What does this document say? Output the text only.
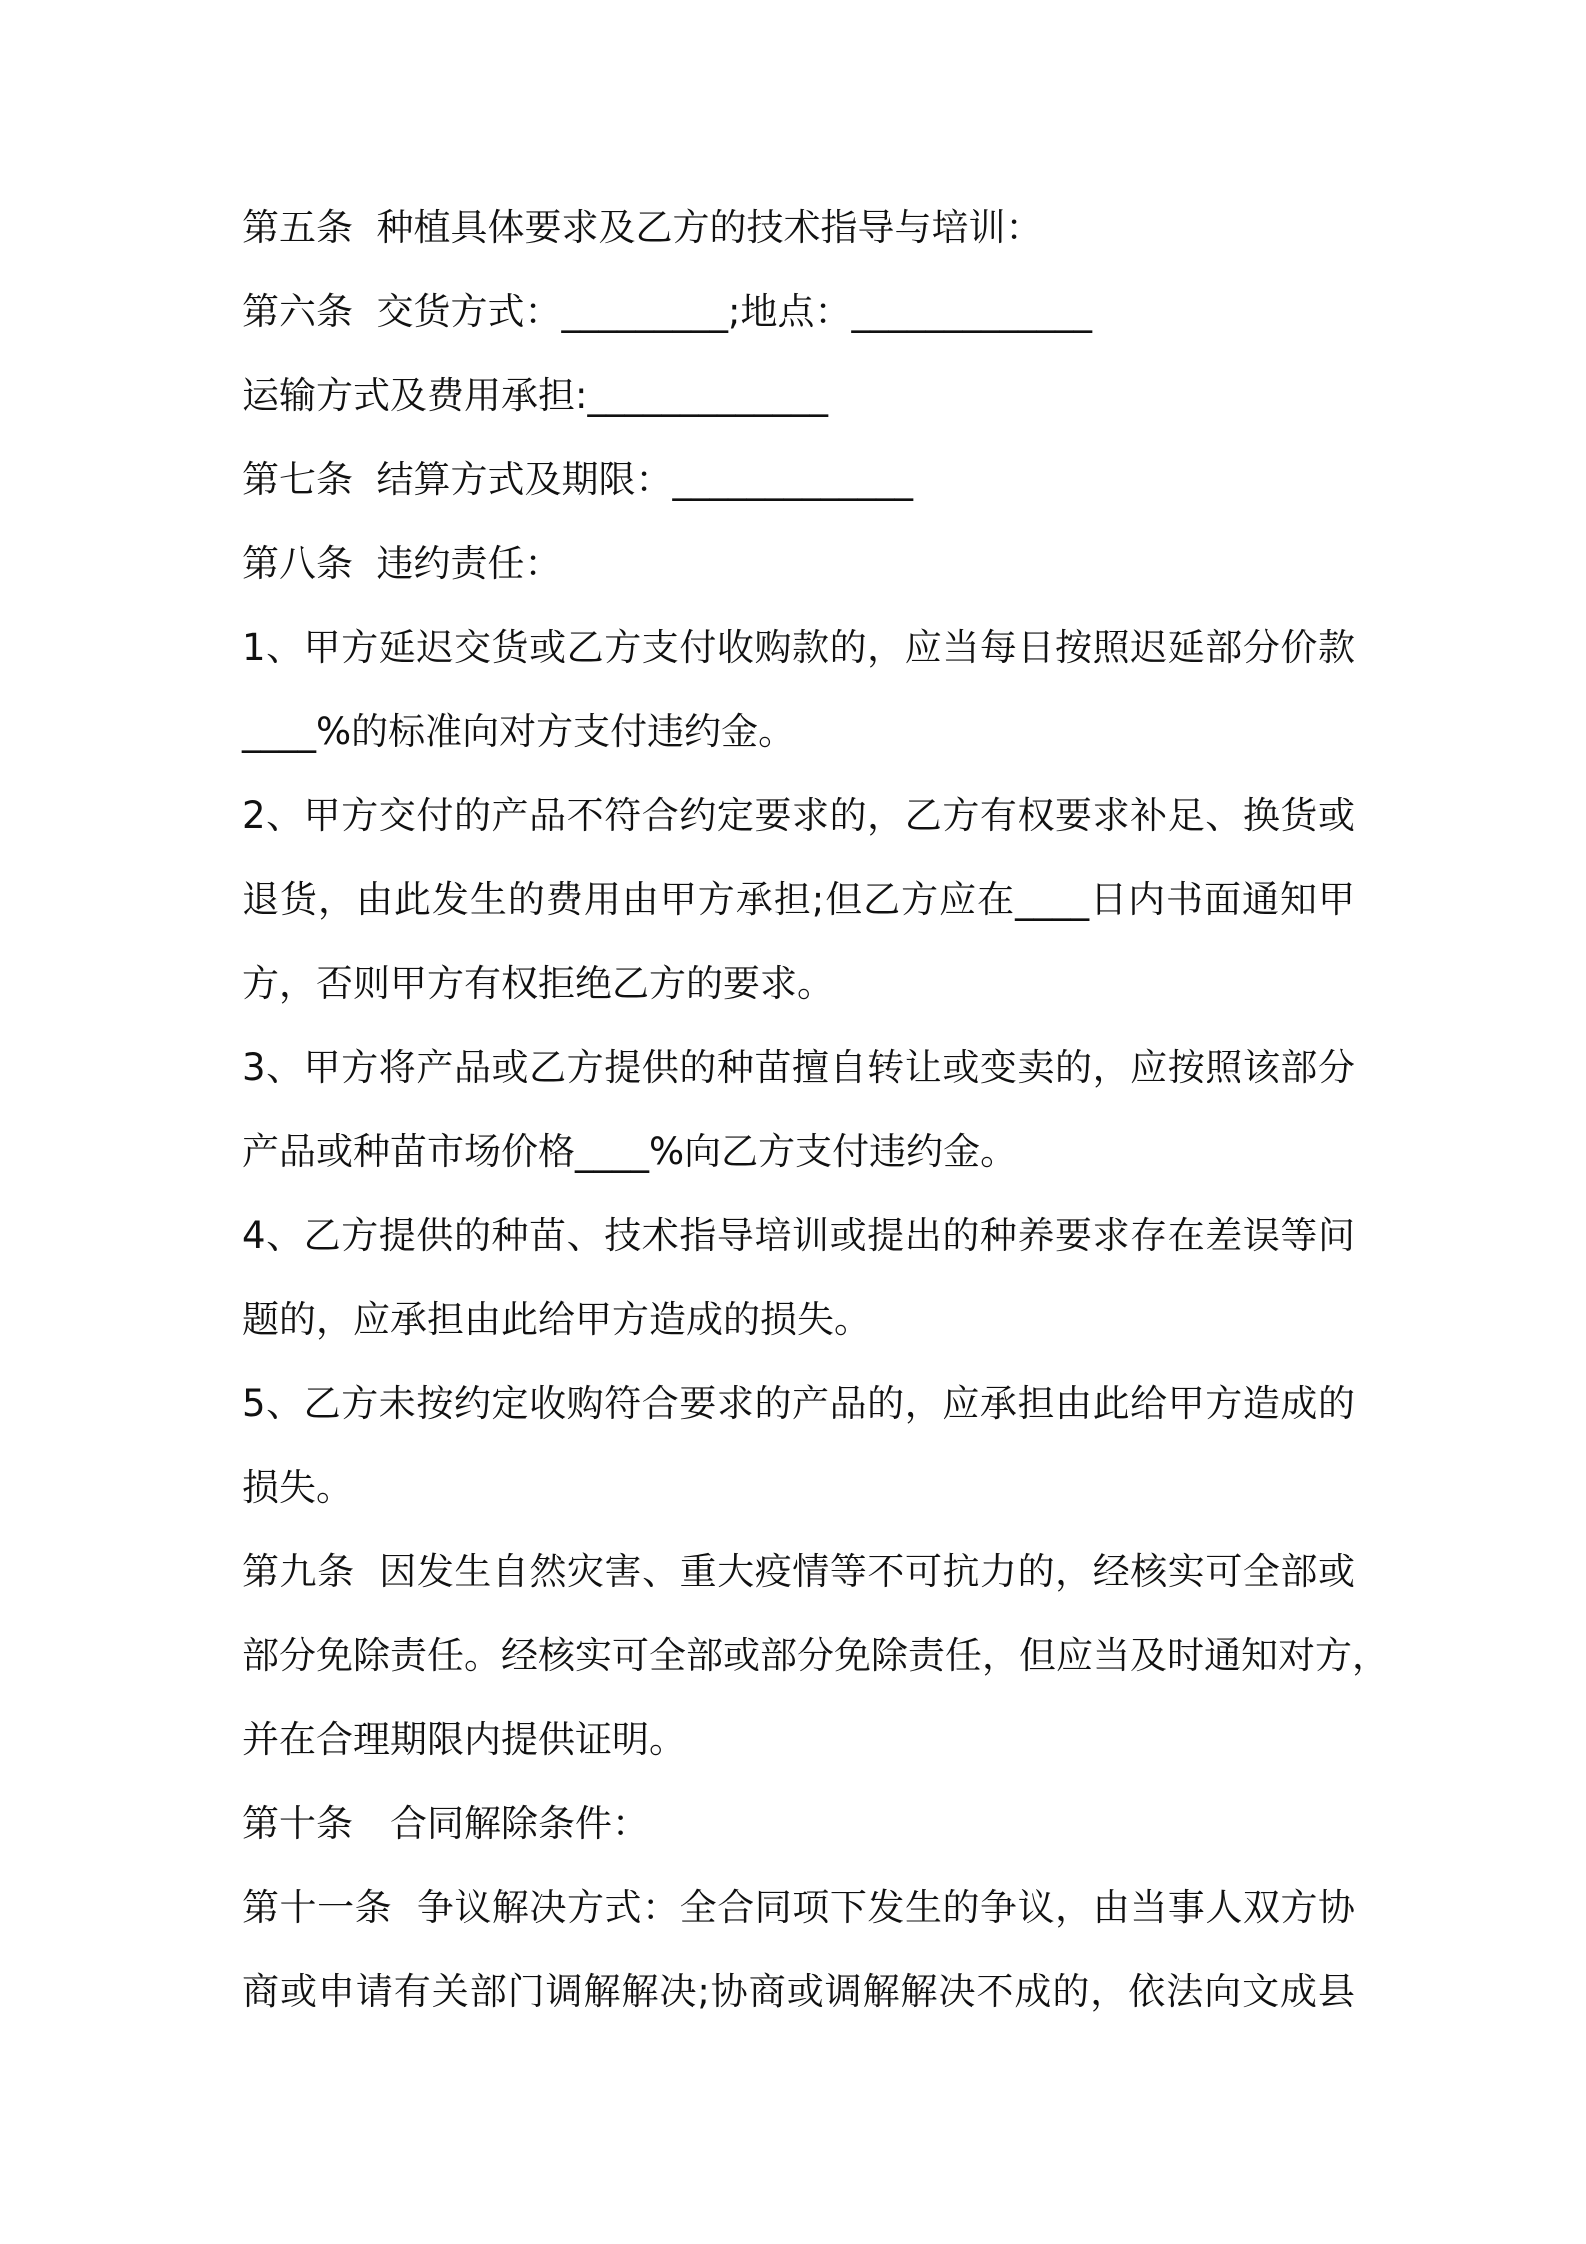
第五条  种植具体要求及乙方的技术指导与培训：
第六条  交货方式：_________;地点：_____________
运输方式及费用承担:_____________
第七条  结算方式及期限：_____________
第八条  违约责任：
1、甲方延迟交货或乙方支付收购款的，应当每日按照迟延部分价款
____%的标准向对方支付违约金。
2、甲方交付的产品不符合约定要求的，乙方有权要求补足、换货或
退货，由此发生的费用由甲方承担;但乙方应在____日内书面通知甲
方，否则甲方有权拒绝乙方的要求。
3、甲方将产品或乙方提供的种苗擅自转让或变卖的，应按照该部分
产品或种苗市场价格____%向乙方支付违约金。
4、乙方提供的种苗、技术指导培训或提出的种养要求存在差误等问
题的，应承担由此给甲方造成的损失。
5、乙方未按约定收购符合要求的产品的，应承担由此给甲方造成的
损失。
第九条  因发生自然灾害、重大疫情等不可抗力的，经核实可全部或
部分免除责任。经核实可全部或部分免除责任，但应当及时通知对方，
并在合理期限内提供证明。
第十条　合同解除条件：
第十一条  争议解决方式：全合同项下发生的争议，由当事人双方协
商或申请有关部门调解解决;协商或调解解决不成的，依法向文成县
